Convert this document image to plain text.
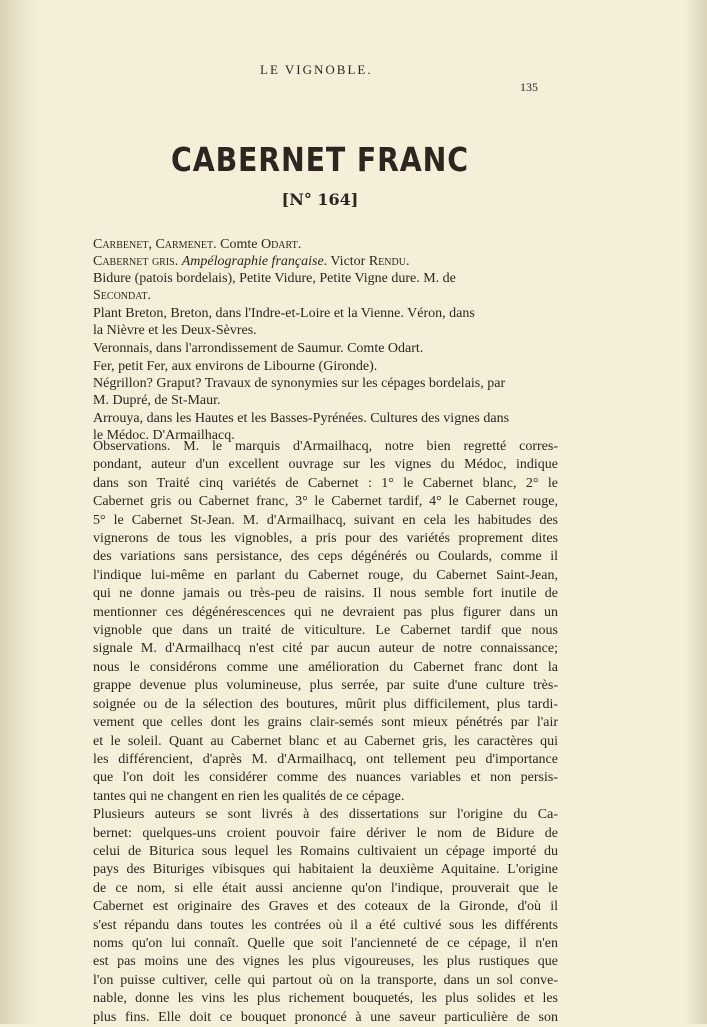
LE VIGNOBLE.
135
CABERNET FRANC
[N° 164]
Carbenet, Carmenet. Comte Odart.
Cabernet gris. Ampélographie française. Victor Rendu.
Bidure (patois bordelais), Petite Vidure, Petite Vigne dure. M. de
Secondat.
Plant Breton, Breton, dans l'Indre-et-Loire et la Vienne. Véron, dans
la Nièvre et les Deux-Sèvres.
Veronnais, dans l'arrondissement de Saumur. Comte Odart.
Fer, petit Fer, aux environs de Libourne (Gironde).
Négrillon? Graput? Travaux de synonymies sur les cépages bordelais, par
M. Dupré, de St-Maur.
Arrouya, dans les Hautes et les Basses-Pyrénées. Cultures des vignes dans
le Médoc. D'Armailhacq.
Observations. M. le marquis d'Armailhacq, notre bien regretté corres-
pondant, auteur d'un excellent ouvrage sur les vignes du Médoc, indique
dans son Traité cinq variétés de Cabernet : 1° le Cabernet blanc, 2° le
Cabernet gris ou Cabernet franc, 3° le Cabernet tardif, 4° le Cabernet rouge,
5° le Cabernet St-Jean. M. d'Armailhacq, suivant en cela les habitudes des
vignerons de tous les vignobles, a pris pour des variétés proprement dites
des variations sans persistance, des ceps dégénérés ou Coulards, comme il
l'indique lui-même en parlant du Cabernet rouge, du Cabernet Saint-Jean,
qui ne donne jamais ou très-peu de raisins. Il nous semble fort inutile de
mentionner ces dégénérescences qui ne devraient pas plus figurer dans un
vignoble que dans un traité de viticulture. Le Cabernet tardif que nous
signale M. d'Armailhacq n'est cité par aucun auteur de notre connaissance;
nous le considérons comme une amélioration du Cabernet franc dont la
grappe devenue plus volumineuse, plus serrée, par suite d'une culture très-
soignée ou de la sélection des boutures, mûrit plus difficilement, plus tardi-
vement que celles dont les grains clair-semés sont mieux pénétrés par l'air
et le soleil. Quant au Cabernet blanc et au Cabernet gris, les caractères qui
les différencient, d'après M. d'Armailhacq, ont tellement peu d'importance
que l'on doit les considérer comme des nuances variables et non persis-
tantes qui ne changent en rien les qualités de ce cépage.
Plusieurs auteurs se sont livrés à des dissertations sur l'origine du Ca-
bernet: quelques-uns croient pouvoir faire dériver le nom de Bidure de
celui de Biturica sous lequel les Romains cultivaient un cépage importé du
pays des Bituriges vibisques qui habitaient la deuxième Aquitaine. L'origine
de ce nom, si elle était aussi ancienne qu'on l'indique, prouverait que le
Cabernet est originaire des Graves et des coteaux de la Gironde, d'où il
s'est répandu dans toutes les contrées où il a été cultivé sous les différents
noms qu'on lui connaît. Quelle que soit l'ancienneté de ce cépage, il n'en
est pas moins une des vignes les plus vigoureuses, les plus rustiques que
l'on puisse cultiver, celle qui partout où on la transporte, dans un sol conve-
nable, donne les vins les plus richement bouquetés, les plus solides et les
plus fins. Elle doit ce bouquet prononcé à une saveur particulière de son
